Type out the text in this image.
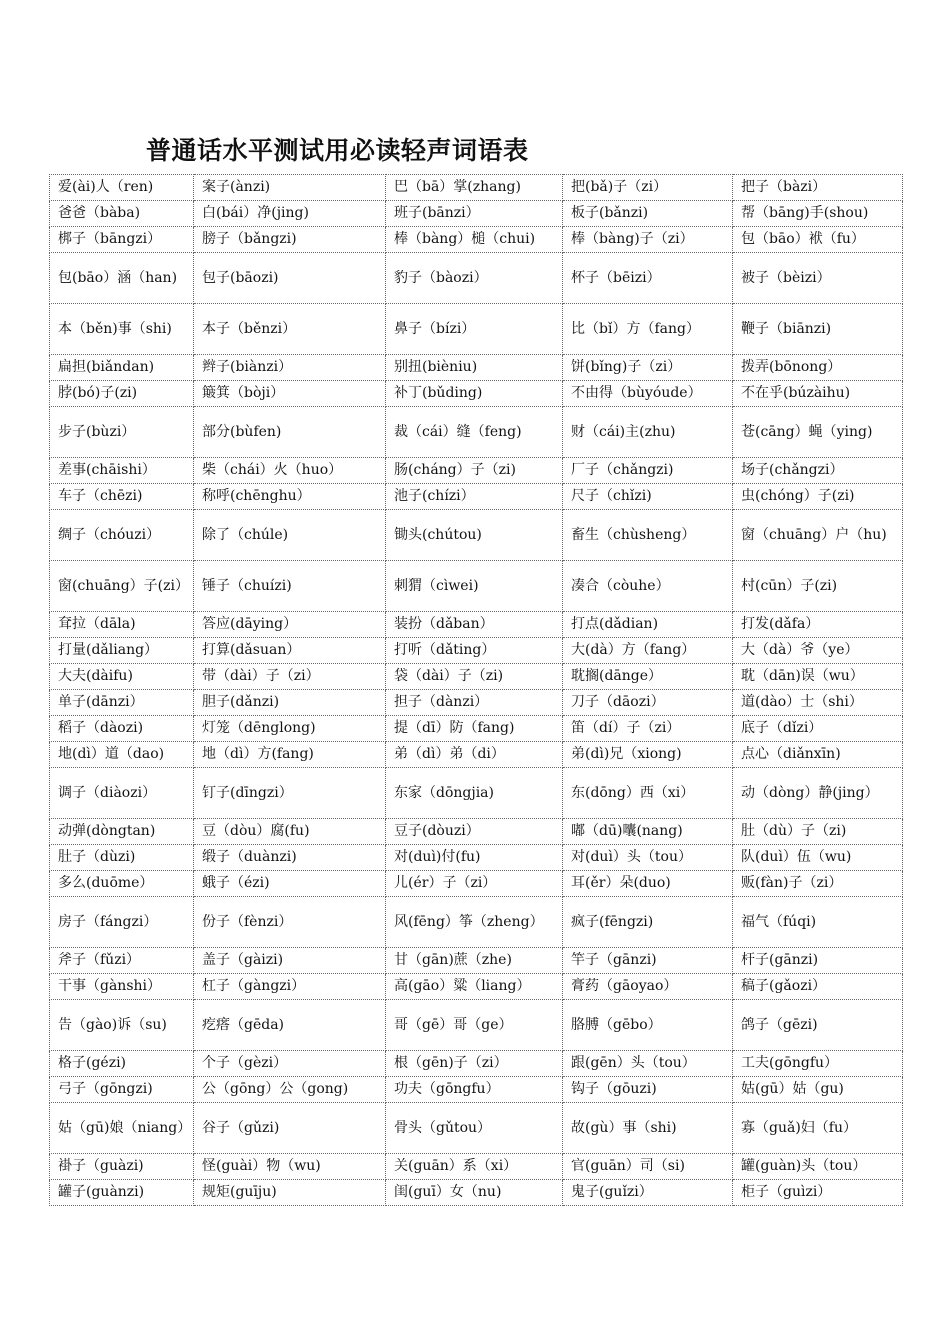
普通话水平测试用必读轻声词语表
爱(ài)人（ren)	案子(ànzi)	巴（bā）掌(zhang)	把(bǎ)子（zi）	把子（bàzi）
爸爸（bàba)	白(bái）净(jing)	班子(bānzi）	板子(bǎnzi)	帮（bāng)手(shou)
梆子（bāngzi）	膀子（bǎngzi)	棒（bàng）槌（chui)	棒（bàng)子（zi）	包（bāo）袱（fu）
包(bāo）涵（han)	包子(bāozi)	豹子（bàozi）	杯子（bēizi）	被子（bèizi）
本（běn)事（shi)	本子（běnzi）	鼻子（bízi）	比（bǐ）方（fang）	鞭子（biānzi)
扁担(biǎndan)	辫子(biànzi）	别扭(bièniu)	饼(bǐng)子（zi）	拨弄(bōnong）
脖(bó)子(zi)	簸箕（bòji）	补丁(bǔding)	不由得（bùyóude）	不在乎(búzàihu)
步子(bùzi）	部分(bùfen)	裁（cái）缝（feng)	财（cái)主(zhu)	苍(cāng）蝇（ying)
差事(chāishi）	柴（chái）火（huo）	肠(cháng）子（zi)	厂子（chǎngzi)	场子(chǎngzi）
车子（chēzi)	称呼(chēnghu）	池子(chízi）	尺子（chǐzi)	虫(chóng）子(zi)
绸子（chóuzi）	除了（chúle)	锄头(chútou)	畜生（chùsheng）	窗（chuāng）户（hu)
窗(chuāng）子(zi）	锤子（chuízi)	刺猬（cìwei)	凑合（còuhe）	村(cūn）子(zi)
耷拉（dāla)	答应(dāying）	装扮（dǎban）	打点(dǎdian)	打发(dǎfa）
打量(dǎliang）	打算(dǎsuan）	打听（dǎting）	大(dà）方（fang）	大（dà）爷（ye）
大夫(dàifu)	带（dài）子（zi）	袋（dài）子（zi)	耽搁(dānge）	耽（dān)误（wu）
单子(dānzi）	胆子(dǎnzi)	担子（dànzi）	刀子（dāozi）	道(dào）士（shi）
稻子（dàozi)	灯笼（dēnglong)	提（dī）防（fang)	笛（dí）子（zi）	底子（dǐzi）
地(dì）道（dao)	地（dì）方(fang)	弟（dì）弟（di）	弟(dì)兄（xiong)	点心（diǎnxīn)
调子（diàozi）	钉子(dīngzi）	东家（dōngjia)	东(dōng）西（xi）	动（dòng）静(jing）
动弹(dòngtan)	豆（dòu）腐(fu)	豆子(dòuzi）	嘟（dū)囔(nang)	肚（dù）子（zi)
肚子（dùzi)	缎子（duànzi)	对(duì)付(fu)	对(duì）头（tou）	队(duì）伍（wu)
多么(duōme）	蛾子（ézi)	儿(ér）子（zi）	耳(ěr）朵(duo)	贩(fàn)子（zi）
房子（fángzi）	份子（fènzi）	风(fēng）筝（zheng）	疯子(fēngzi)	福气（fúqi)
斧子（fǔzi）	盖子（gàizi)	甘（gān)蔗（zhe)	竿子（gānzi)	杆子(gānzi)
干事（gànshi）	杠子（gàngzi）	高(gāo）粱（liang）	膏药（gāoyao）	稿子(gǎozi）
告（gào)诉（su)	疙瘩（gēda)	哥（gē）哥（ge）	胳膊（gēbo）	鸽子（gēzi)
格子(gézi)	个子（gèzi）	根（gēn)子（zi）	跟(gēn）头（tou）	工夫(gōngfu）
弓子（gōngzi)	公（gōng）公（gong)	功夫（gōngfu）	钩子（gōuzi)	姑(gū）姑（gu)
姑（gū)娘（niang）	谷子（gǔzi)	骨头（gǔtou）	故(gù）事（shi)	寡（guǎ)妇（fu）
褂子（guàzi)	怪(guài）物（wu)	关(guān）系（xi）	官(guān）司（si)	罐(guàn)头（tou）
罐子(guànzi)	规矩(guīju)	闺(guī）女（nu)	鬼子(guǐzi）	柜子（guìzi）
